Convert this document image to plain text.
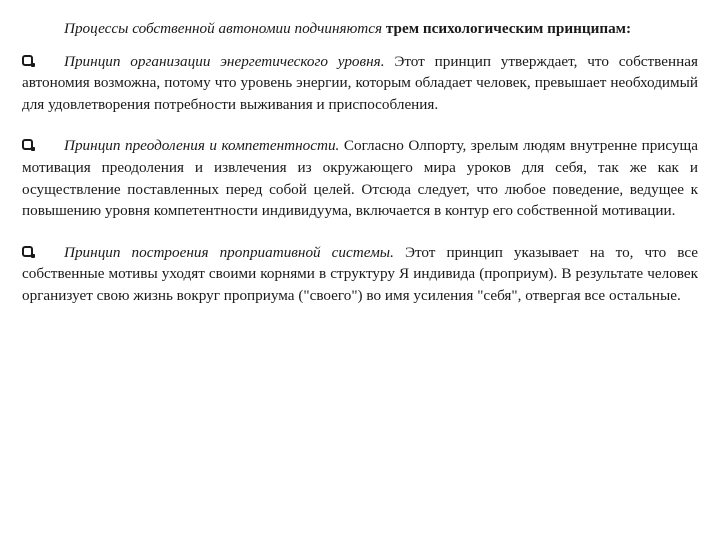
Процессы собственной автономии подчиняются трем психологическим принципам:

Принцип организации энергетического уровня. Этот принцип утверждает, что собственная автономия возможна, потому что уровень энергии, которым обладает человек, превышает необходимый для удовлетворения потребности выживания и приспособления.

Принцип преодоления и компетентности. Согласно Олпорту, зрелым людям внутренне присуща мотивация преодоления и извлечения из окружающего мира уроков для себя, так же как и осуществление поставленных перед собой целей. Отсюда следует, что любое поведение, ведущее к повышению уровня компетентности индивидуума, включается в контур его собственной мотивации.

Принцип построения проприативной системы. Этот принцип указывает на то, что все собственные мотивы уходят своими корнями в структуру Я индивида (проприум). В результате человек организует свою жизнь вокруг проприума ("своего") во имя усиления "себя", отвергая все остальные.
